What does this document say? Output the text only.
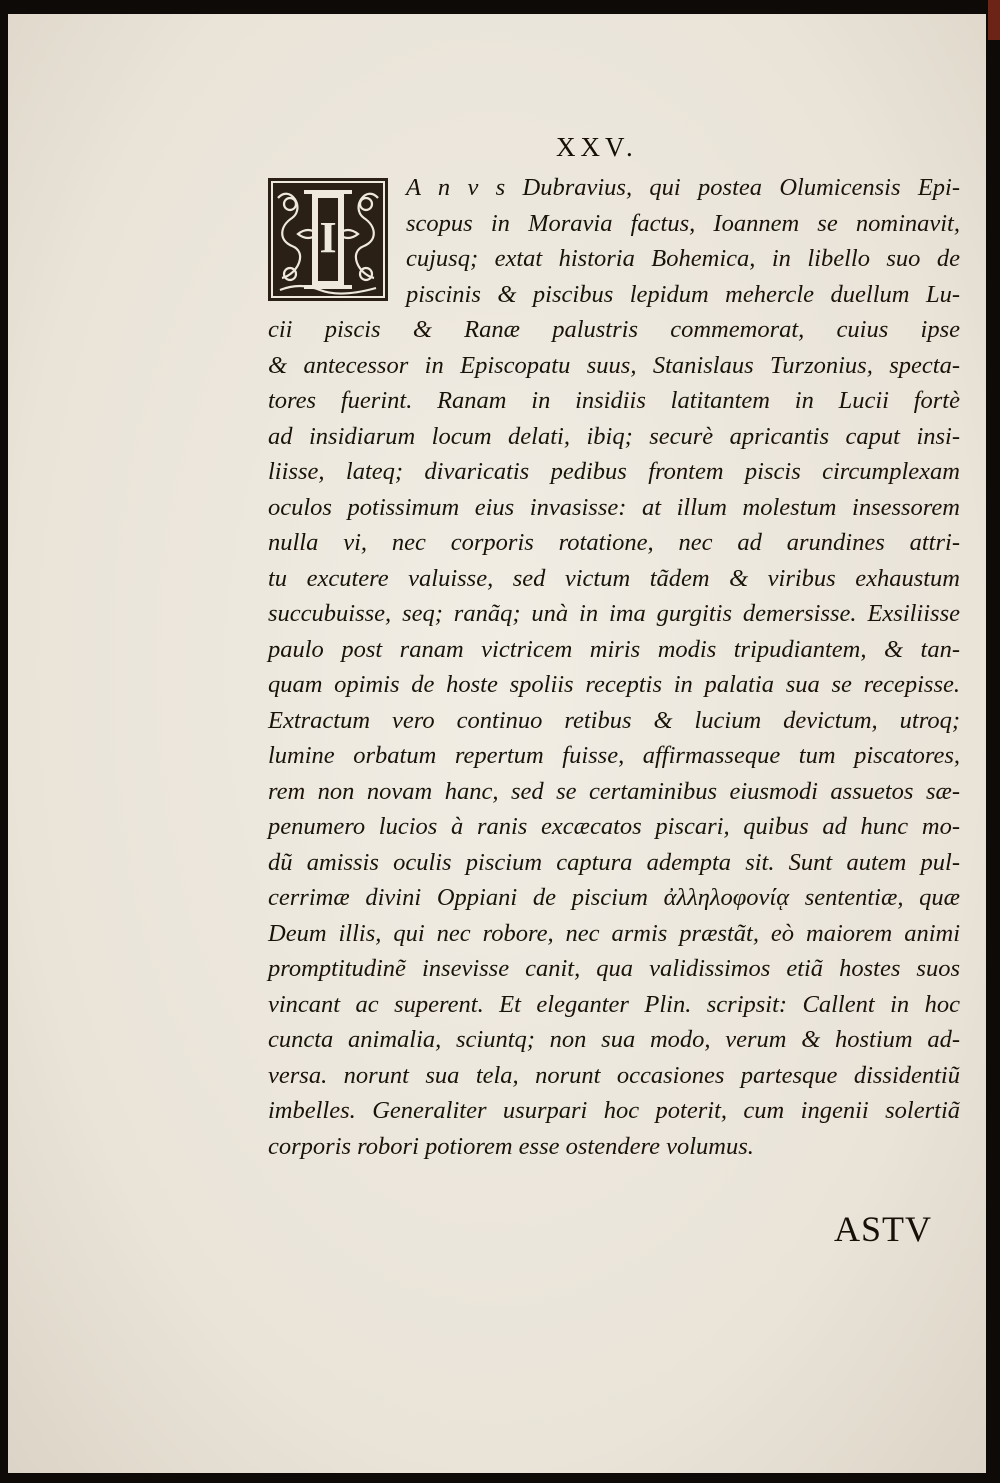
XXV.
I
A n v s Dubravius, qui postea Olumicensis Epi-
scopus in Moravia factus, Ioannem se nominavit,
cujusq; extat historia Bohemica, in libello suo de
piscinis & piscibus lepidum mehercle duellum Lu-
cii piscis & Ranæ palustris commemorat, cuius ipse
& antecessor in Episcopatu suus, Stanislaus Turzonius, specta-
tores fuerint. Ranam in insidiis latitantem in Lucii fortè
ad insidiarum locum delati, ibiq; securè apricantis caput insi-
liisse, lateq; divaricatis pedibus frontem piscis circumplexam
oculos potissimum eius invasisse: at illum molestum insessorem
nulla vi, nec corporis rotatione, nec ad arundines attri-
tu excutere valuisse, sed victum tãdem & viribus exhaustum
succubuisse, seq; ranãq; unà in ima gurgitis demersisse. Exsiliisse
paulo post ranam victricem miris modis tripudiantem, & tan-
quam opimis de hoste spoliis receptis in palatia sua se recepisse.
Extractum vero continuo retibus & lucium devictum, utroq;
lumine orbatum repertum fuisse, affirmasseque tum piscatores,
rem non novam hanc, sed se certaminibus eiusmodi assuetos sæ-
penumero lucios à ranis excæcatos piscari, quibus ad hunc mo-
dũ amissis oculis piscium captura adempta sit. Sunt autem pul-
cerrimæ divini Oppiani de piscium ἀλληλοφονίᾳ sententiæ, quæ
Deum illis, qui nec robore, nec armis præstãt, eò maiorem animi
promptitudinẽ insevisse canit, qua validissimos etiã hostes suos
vincant ac superent. Et eleganter Plin. scripsit: Callent in hoc
cuncta animalia, sciuntq; non sua modo, verum & hostium ad-
versa. norunt sua tela, norunt occasiones partesque dissidentiũ
imbelles. Generaliter usurpari hoc poterit, cum ingenii solertiã
corporis robori potiorem esse ostendere volumus.
ASTV
